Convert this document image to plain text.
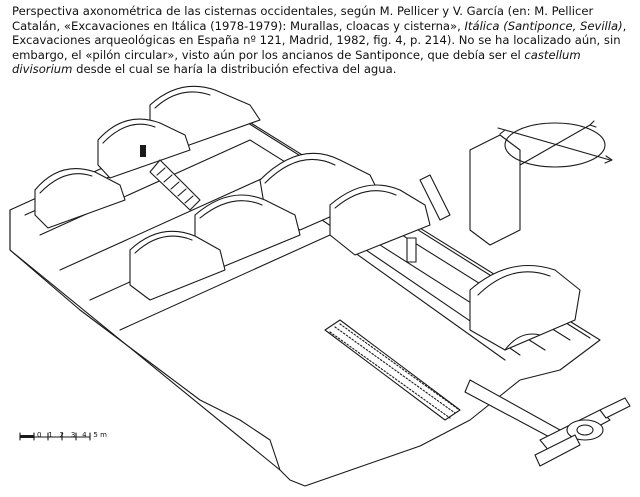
Perspectiva axonométrica de las cisternas occidentales, según M. Pellicer y V. García (en: M. Pellicer Catalán, «Excavaciones en Itálica (1978-1979): Murallas, cloacas y cisterna», Itálica (Santiponce, Sevilla), Excavaciones arqueológicas en España nº 121, Madrid, 1982, fig. 4, p. 214). No se ha localizado aún, sin embargo, el «pilón circular», visto aún por los ancianos de Santiponce, que debía ser el castellum divisorium desde el cual se haría la distribución efectiva del agua.
0 1 2 3 4 5m
